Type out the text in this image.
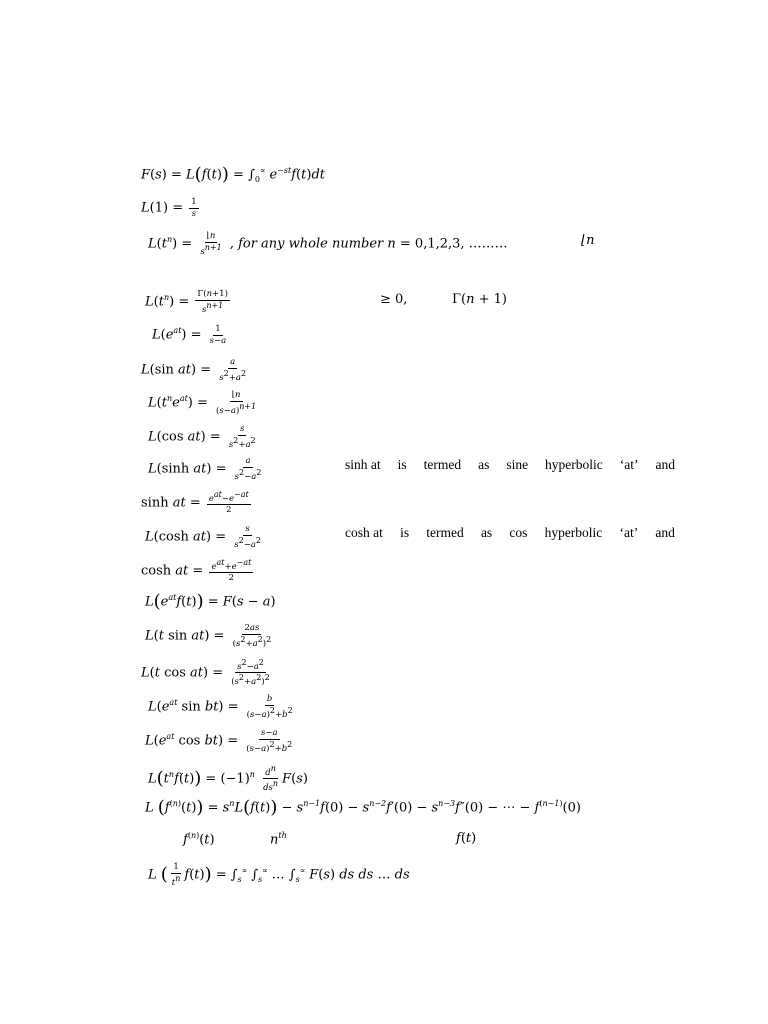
$F(s) = L(f(t)) = \int_0^\propto$ $e^{-st}f(t)dt$
$L(1) = \frac{1}{s}$
$L(t^n) = \frac{⌊n}{s^{n+1}}$ , for any whole number n = 0,1,2,3, ………	⌊n
$L(t^n) = \frac{\Gamma(n+1)}{s^{n+1}}$	≥ 0,	Γ(n + 1)
$L(e^{at}) = \frac{1}{s-a}$
L(sin $at) = \frac{a}{s^2+a^2}$
$L(t^ne^{at}) = \frac{⌊n}{(s-a)^{n+1}}$
L(cos $at) = \frac{s}{s^2+a^2}$
L(sinh $at) = \frac{a}{s^2-a^2}$	sinh at is termed as sine hyperbolic ‘at’ and
sinh at = $\frac{e^{at}-e^{-at}}{2}$
L(cosh $at) = \frac{s}{s^2-a^2}$	cosh at is termed as cos hyperbolic ‘at’ and
cosh at = $\frac{e^{at}+e^{-at}}{2}$
$L(e^{at}f(t)) = F(s - a)$
L(t $\sin at) = \frac{2as}{(s^2+a^2)^2}$
L(t $\cos at) = \frac{s^2-a^2}{(s^2+a^2)^2}$
$L(e^{at}$ $\sin bt) = \frac{b}{(s-a)^2+b^2}$
$L(e^{at}$ $\cos bt) = \frac{s-a}{(s-a)^2+b^2}$
$L(t^nf(t)) = (-1)^n \frac{d^n}{ds^n} F(s)$
L $(f^{(n)}(t)) = s^nL(f(t)) - s^{n-1}f(0) - s^{n-2}f'(0) - s^{n-3}f''(0)$ − ⋯ − $f^{(n-1)}(0)$
$f^{(n)}(t)$	$n^{th}$	f(t)
L ( $\frac{1}{t^n} f(t)) = \int_s^\propto$ $\int_s^\propto$ … $\int_s^\propto$ F(s) ds ds … ds
